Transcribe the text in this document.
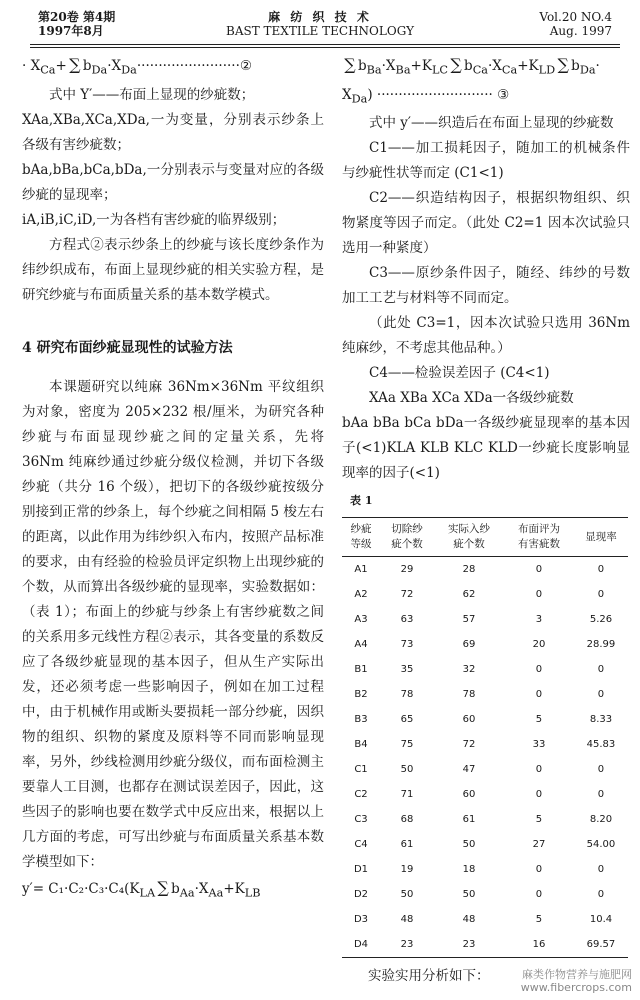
第20卷 第4期
1997年8月
麻 纺 织 技 术
BAST TEXTILE TECHNOLOGY
Vol.20 NO.4
Aug. 1997

· $X_{Ca}+$ ∑ $b_{Da}\cdot X_{Da}\cdot\cdot\cdot\cdot\cdot\cdot\cdot\cdot\cdot\cdot\cdot\cdot\cdot\cdot\cdot\cdot\cdot\cdot\cdot\cdot\cdot\cdot\cdot\cdot ②$

式中 Y′——布面上显现的纱疵数；

XAa,XBa,XCa,XDa,一为变量，分别表示纱条上各级有害纱疵数；

bAa,bBa,bCa,bDa,一分别表示与变量对应的各级纱疵的显现率；

iA,iB,iC,iD,一为各档有害纱疵的临界级别；

方程式②表示纱条上的纱疵与该长度纱条作为纬纱织成布，布面上显现纱疵的相关实验方程，是研究纱疵与布面质量关系的基本数学模式。

4 研究布面纱疵显现性的试验方法

本课题研究以纯麻 36Nm×36Nm 平纹组织为对象，密度为 205×232 根/厘米，为研究各种纱疵与布面显现纱疵之间的定量关系，先将 36Nm 纯麻纱通过纱疵分级仪检测，并切下各级纱疵（共分 16 个级），把切下的各级纱疵按级分别接到正常的纱条上，每个纱疵之间相隔 5 梭左右的距离，以此作用为纬纱织入布内，按照产品标准的要求，由有经验的检验员评定织物上出现纱疵的个数，从而算出各级纱疵的显现率，实验数据如：（表 1）；布面上的纱疵与纱条上有害纱疵数之间的关系用多元线性方程②表示，其各变量的系数反应了各级纱疵显现的基本因子，但从生产实际出发，还必须考虑一些影响因子，例如在加工过程中，由于机械作用或断头要损耗一部分纱疵，因织物的组织、织物的紧度及原料等不同而影响显现率，另外，纱线检测用纱疵分级仪，而布面检测主要靠人工目测，也都存在测试误差因子，因此，这些因子的影响也要在数学式中反应出来，根据以上几方面的考虑，可写出纱疵与布面质量关系基本数学模型如下：

$y'= C_1\cdot C_2\cdot C_3\cdot C_4(K_{LA}$ ∑ $b_{Aa}\cdot X_{Aa}+K_{LB}$

∑ $b_{Ba}\cdot X_{Ba}+K_{LC}$ ∑ $b_{Ca}\cdot X_{Ca}+K_{LD}$ ∑ $b_{Da}\cdot$

$X_{Da}$) ··························· ③

式中 y′——织造后在布面上显现的纱疵数

C1——加工损耗因子，随加工的机械条件与纱疵性状等而定 (C1<1)

C2——织造结构因子，根据织物组织、织物紧度等因子而定。（此处 C2=1 因本次试验只选用一种紧度）

C3——原纱条件因子，随经、纬纱的号数加工工艺与材料等不同而定。

（此处 C3=1，因本次试验只选用 36Nm 纯麻纱，不考虑其他品种。）

C4——检验误差因子 (C4<1)

XAa XBa XCa XDa一各级纱疵数

bAa bBa bCa bDa一各级纱疵显现率的基本因子(<1)KLA KLB KLC KLD一纱疵长度影响显现率的因子(<1)

表 1
纱疵
等级	切除纱
疵个数	实际入纱
疵个数	布面评为
有害疵数	显现率
A1	29	28	0	0
A2	72	62	0	0
A3	63	57	3	5.26
A4	73	69	20	28.99
B1	35	32	0	0
B2	78	78	0	0
B3	65	60	5	8.33
B4	75	72	33	45.83
C1	50	47	0	0
C2	71	60	0	0
C3	68	61	5	8.20
C4	61	50	27	54.00
D1	19	18	0	0
D2	50	50	0	0
D3	48	48	5	10.4
D4	23	23	16	69.57
实验实用分析如下：	麻类作物营养与施肥网
www.fibercrops.com
